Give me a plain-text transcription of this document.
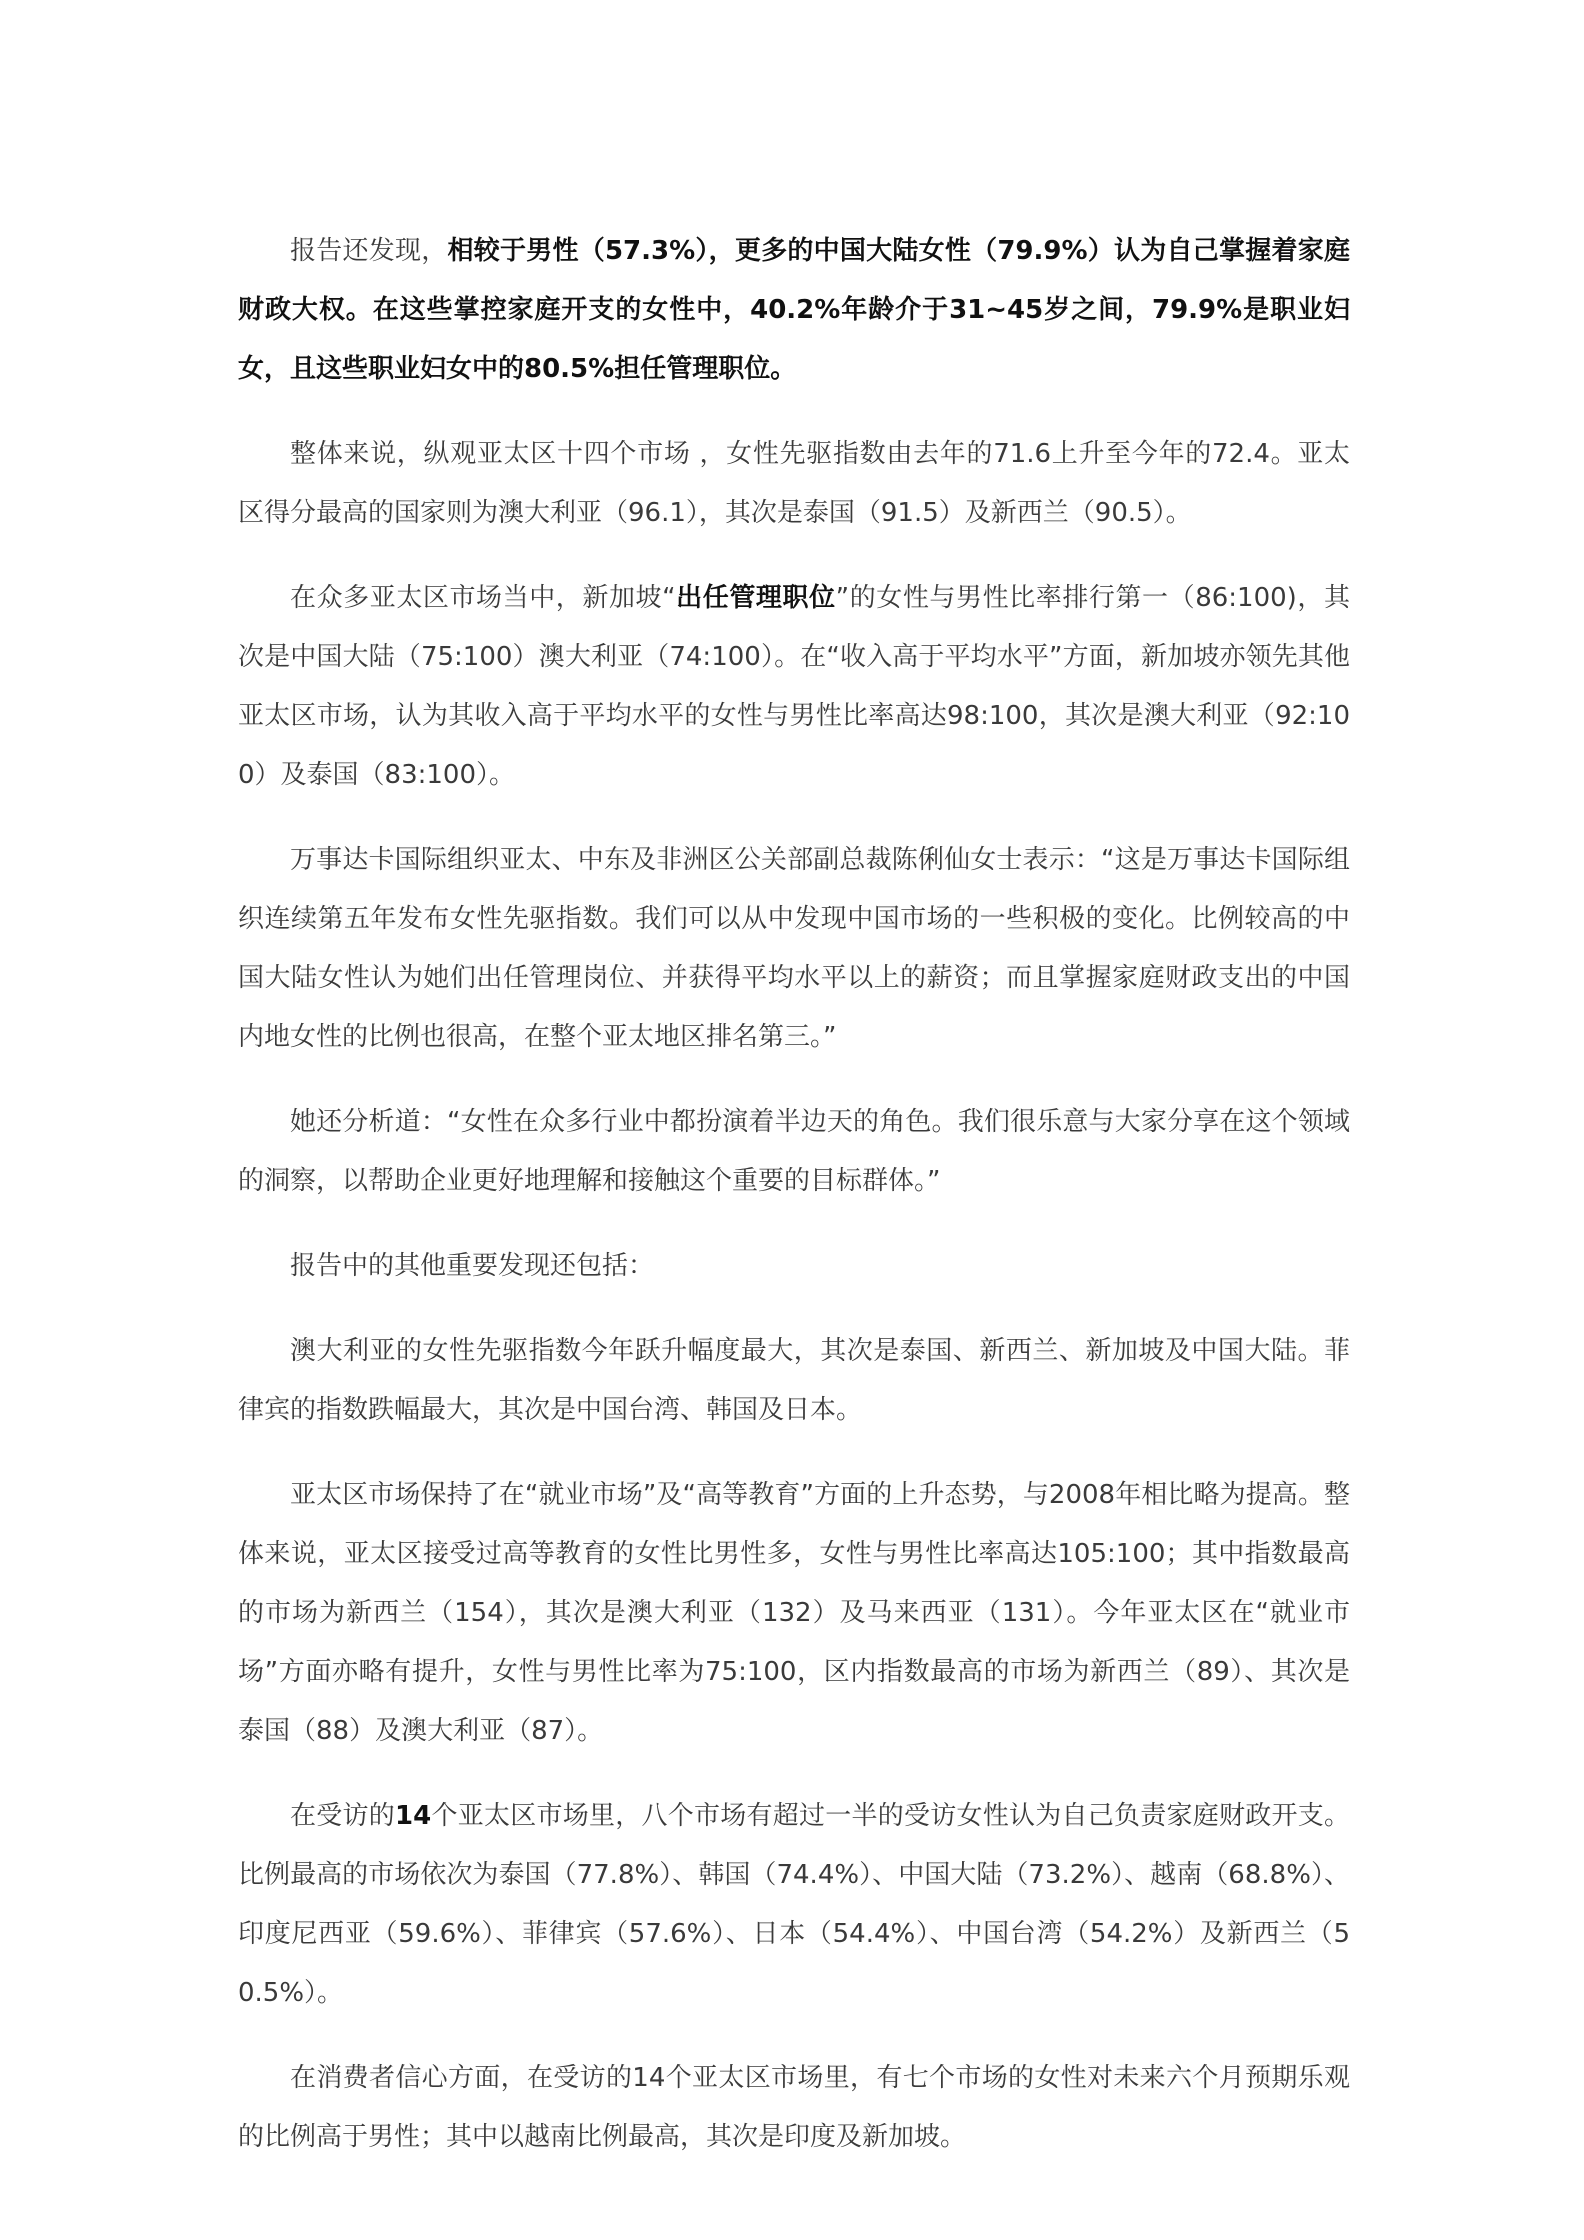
报告还发现，相较于男性（57.3%），更多的中国大陆女性（79.9%）认为自己掌握着家庭财政大权。在这些掌控家庭开支的女性中，40.2%年龄介于31~45岁之间，79.9%是职业妇女，且这些职业妇女中的80.5%担任管理职位。

整体来说，纵观亚太区十四个市场 ，女性先驱指数由去年的71.6上升至今年的72.4。亚太区得分最高的国家则为澳大利亚（96.1），其次是泰国（91.5）及新西兰（90.5）。

在众多亚太区市场当中，新加坡“出任管理职位”的女性与男性比率排行第一（86:100)，其次是中国大陆（75:100）澳大利亚（74:100）。在“收入高于平均水平”方面，新加坡亦领先其他亚太区市场，认为其收入高于平均水平的女性与男性比率高达98:100，其次是澳大利亚（92:100）及泰国（83:100）。

万事达卡国际组织亚太、中东及非洲区公关部副总裁陈俐仙女士表示：“这是万事达卡国际组织连续第五年发布女性先驱指数。我们可以从中发现中国市场的一些积极的变化。比例较高的中国大陆女性认为她们出任管理岗位、并获得平均水平以上的薪资；而且掌握家庭财政支出的中国内地女性的比例也很高，在整个亚太地区排名第三。”

她还分析道：“女性在众多行业中都扮演着半边天的角色。我们很乐意与大家分享在这个领域的洞察，以帮助企业更好地理解和接触这个重要的目标群体。”

报告中的其他重要发现还包括：

澳大利亚的女性先驱指数今年跃升幅度最大，其次是泰国、新西兰、新加坡及中国大陆。菲律宾的指数跌幅最大，其次是中国台湾、韩国及日本。

亚太区市场保持了在“就业市场”及“高等教育”方面的上升态势，与2008年相比略为提高。整体来说，亚太区接受过高等教育的女性比男性多，女性与男性比率高达105:100；其中指数最高的市场为新西兰（154），其次是澳大利亚（132）及马来西亚（131）。今年亚太区在“就业市场”方面亦略有提升，女性与男性比率为75:100，区内指数最高的市场为新西兰（89）、其次是泰国（88）及澳大利亚（87）。

在受访的14个亚太区市场里，八个市场有超过一半的受访女性认为自己负责家庭财政开支。比例最高的市场依次为泰国（77.8%）、韩国（74.4%）、中国大陆（73.2%）、越南（68.8%）、印度尼西亚（59.6%）、菲律宾（57.6%）、日本（54.4%）、中国台湾（54.2%）及新西兰（50.5%）。

在消费者信心方面，在受访的14个亚太区市场里，有七个市场的女性对未来六个月预期乐观的比例高于男性；其中以越南比例最高，其次是印度及新加坡。
